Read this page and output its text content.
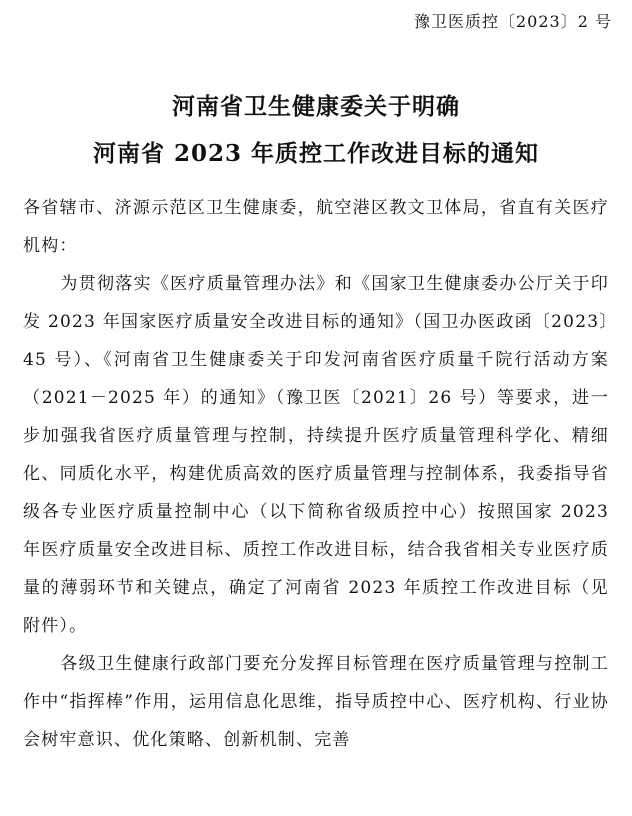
豫卫医质控〔2023〕2 号
河南省卫生健康委关于明确
河南省 2023 年质控工作改进目标的通知

各省辖市、济源示范区卫生健康委，航空港区教文卫体局，省直有关医疗机构：

为贯彻落实《医疗质量管理办法》和《国家卫生健康委办公厅关于印发 2023 年国家医疗质量安全改进目标的通知》（国卫办医政函〔2023〕45 号）、《河南省卫生健康委关于印发河南省医疗质量千院行活动方案（2021－2025 年）的通知》（豫卫医〔2021〕26 号）等要求，进一步加强我省医疗质量管理与控制，持续提升医疗质量管理科学化、精细化、同质化水平，构建优质高效的医疗质量管理与控制体系，我委指导省级各专业医疗质量控制中心（以下简称省级质控中心）按照国家 2023 年医疗质量安全改进目标、质控工作改进目标，结合我省相关专业医疗质量的薄弱环节和关键点，确定了河南省 2023 年质控工作改进目标（见附件）。

各级卫生健康行政部门要充分发挥目标管理在医疗质量管理与控制工作中“指挥棒”作用，运用信息化思维，指导质控中心、医疗机构、行业协会树牢意识、优化策略、创新机制、完善
